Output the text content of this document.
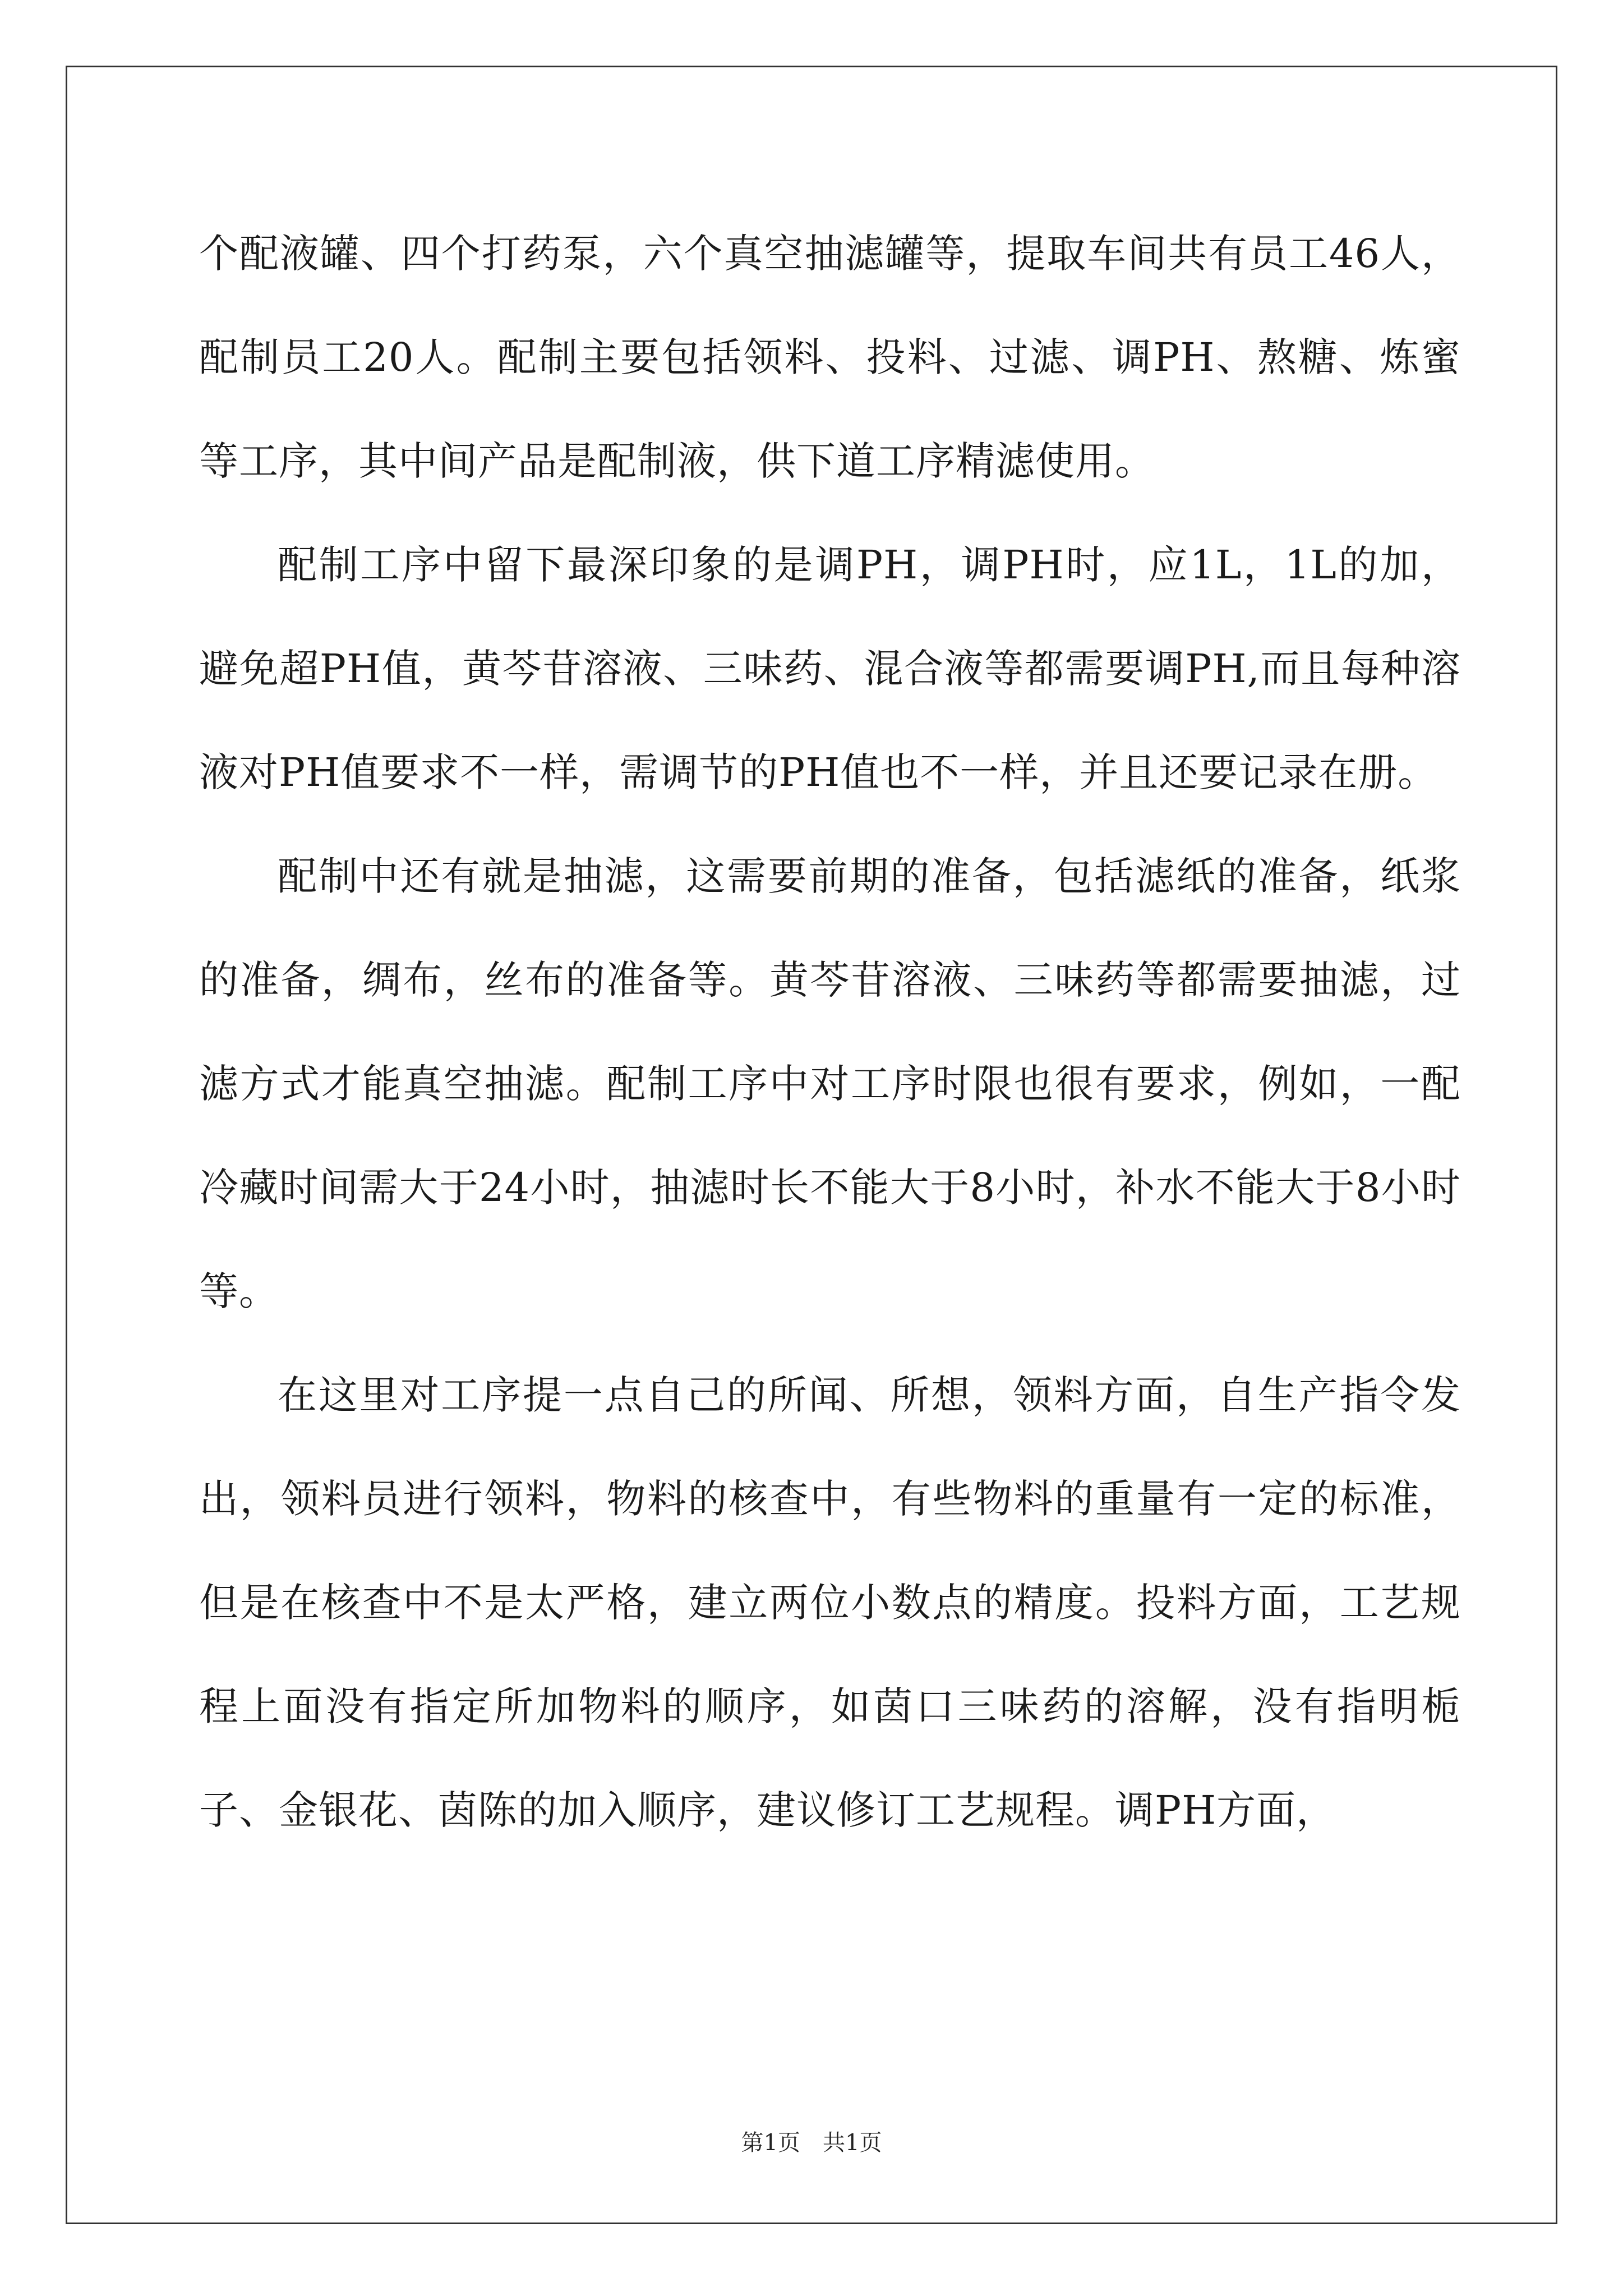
个配液罐、四个打药泵，六个真空抽滤罐等，提取车间共有员工46人，配制员工20人。配制主要包括领料、投料、过滤、调PH、熬糖、炼蜜等工序，其中间产品是配制液，供下道工序精滤使用。

配制工序中留下最深印象的是调PH，调PH时，应1L，1L的加，避免超PH值，黄芩苷溶液、三味药、混合液等都需要调PH,而且每种溶液对PH值要求不一样，需调节的PH值也不一样，并且还要记录在册。

配制中还有就是抽滤，这需要前期的准备，包括滤纸的准备，纸浆的准备，绸布，丝布的准备等。黄芩苷溶液、三味药等都需要抽滤，过滤方式才能真空抽滤。配制工序中对工序时限也很有要求，例如，一配冷藏时间需大于24小时，抽滤时长不能大于8小时，补水不能大于8小时等。

在这里对工序提一点自己的所闻、所想，领料方面，自生产指令发出，领料员进行领料，物料的核查中，有些物料的重量有一定的标准，但是在核查中不是太严格，建立两位小数点的精度。投料方面，工艺规程上面没有指定所加物料的顺序，如茵口三味药的溶解，没有指明栀子、金银花、茵陈的加入顺序，建议修订工艺规程。调PH方面，

第1页 共1页
